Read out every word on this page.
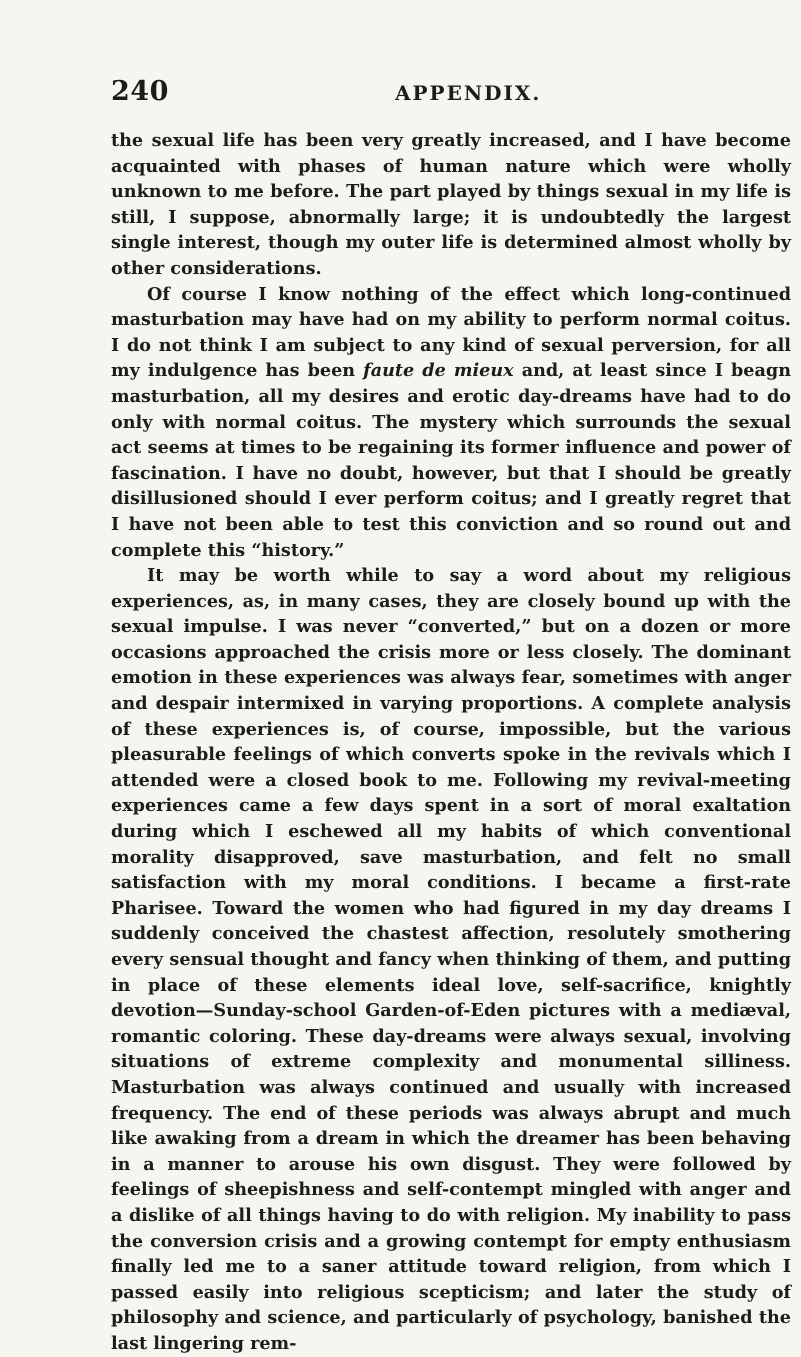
240	APPENDIX.

the sexual life has been very greatly increased, and I have become acquainted with phases of human nature which were wholly unknown to me before. The part played by things sexual in my life is still, I suppose, abnormally large; it is undoubtedly the largest single interest, though my outer life is determined almost wholly by other considerations.

Of course I know nothing of the effect which long-continued masturbation may have had on my ability to perform normal coitus. I do not think I am subject to any kind of sexual perversion, for all my indulgence has been faute de mieux and, at least since I beagn masturbation, all my desires and erotic day-dreams have had to do only with normal coitus. The mystery which surrounds the sexual act seems at times to be regaining its former influence and power of fascination. I have no doubt, however, but that I should be greatly disillusioned should I ever perform coitus; and I greatly regret that I have not been able to test this conviction and so round out and complete this “history.”

It may be worth while to say a word about my religious experiences, as, in many cases, they are closely bound up with the sexual impulse. I was never “converted,” but on a dozen or more occasions approached the crisis more or less closely. The dominant emotion in these experiences was always fear, sometimes with anger and despair intermixed in varying proportions. A complete analysis of these experiences is, of course, impossible, but the various pleasurable feelings of which converts spoke in the revivals which I attended were a closed book to me. Following my revival-meeting experiences came a few days spent in a sort of moral exaltation during which I eschewed all my habits of which conventional morality disapproved, save masturbation, and felt no small satisfaction with my moral conditions. I became a first-rate Pharisee. Toward the women who had figured in my day dreams I suddenly conceived the chastest affection, resolutely smothering every sensual thought and fancy when thinking of them, and putting in place of these elements ideal love, self-sacrifice, knightly devotion—Sunday-school Garden-of-Eden pictures with a mediæval, romantic coloring. These day-dreams were always sexual, involving situations of extreme complexity and monumental silliness. Masturbation was always continued and usually with increased frequency. The end of these periods was always abrupt and much like awaking from a dream in which the dreamer has been behaving in a manner to arouse his own disgust. They were followed by feelings of sheepishness and self-contempt mingled with anger and a dislike of all things having to do with religion. My inability to pass the conversion crisis and a growing contempt for empty enthusiasm finally led me to a saner attitude toward religion, from which I passed easily into religious scepticism; and later the study of philosophy and science, and particularly of psychology, banished the last lingering rem-
